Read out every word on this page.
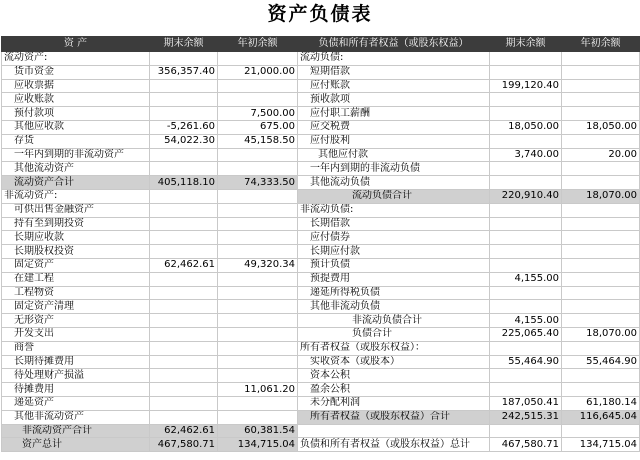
资产负债表
资 产	期末余额	年初余额	负债和所有者权益（或股东权益）	期末余额	年初余额
流动资产:			流动负债:		
货币资金	356,357.40	21,000.00	短期借款		
应收票据			应付账款	199,120.40	
应收账款			预收款项		
预付款项		7,500.00	应付职工薪酬		
其他应收款	-5,261.60	675.00	应交税费	18,050.00	18,050.00
存货	54,022.30	45,158.50	应付股利		
一年内到期的非流动资产			其他应付款	3,740.00	20.00
其他流动资产			一年内到期的非流动负债		
流动资产合计	405,118.10	74,333.50	其他流动负债		
非流动资产:			流动负债合计	220,910.40	18,070.00
可供出售金融资产			非流动负债:		
持有至到期投资			长期借款		
长期应收款			应付债券		
长期股权投资			长期应付款		
固定资产	62,462.61	49,320.34	预计负债		
在建工程			预提费用	4,155.00	
工程物资			递延所得税负债		
固定资产清理			其他非流动负债		
无形资产			非流动负债合计	4,155.00	
开发支出			负债合计	225,065.40	18,070.00
商誉			所有者权益（或股东权益）：		
长期待摊费用			实收资本（或股本）	55,464.90	55,464.90
待处理财产损溢			资本公积		
待摊费用		11,061.20	盈余公积		
递延资产			未分配利润	187,050.41	61,180.14
其他非流动资产			所有者权益（或股东权益）合计	242,515.31	116,645.04
非流动资产合计	62,462.61	60,381.54			
资产总计	467,580.71	134,715.04	负债和所有者权益（或股东权益）总计	467,580.71	134,715.04
